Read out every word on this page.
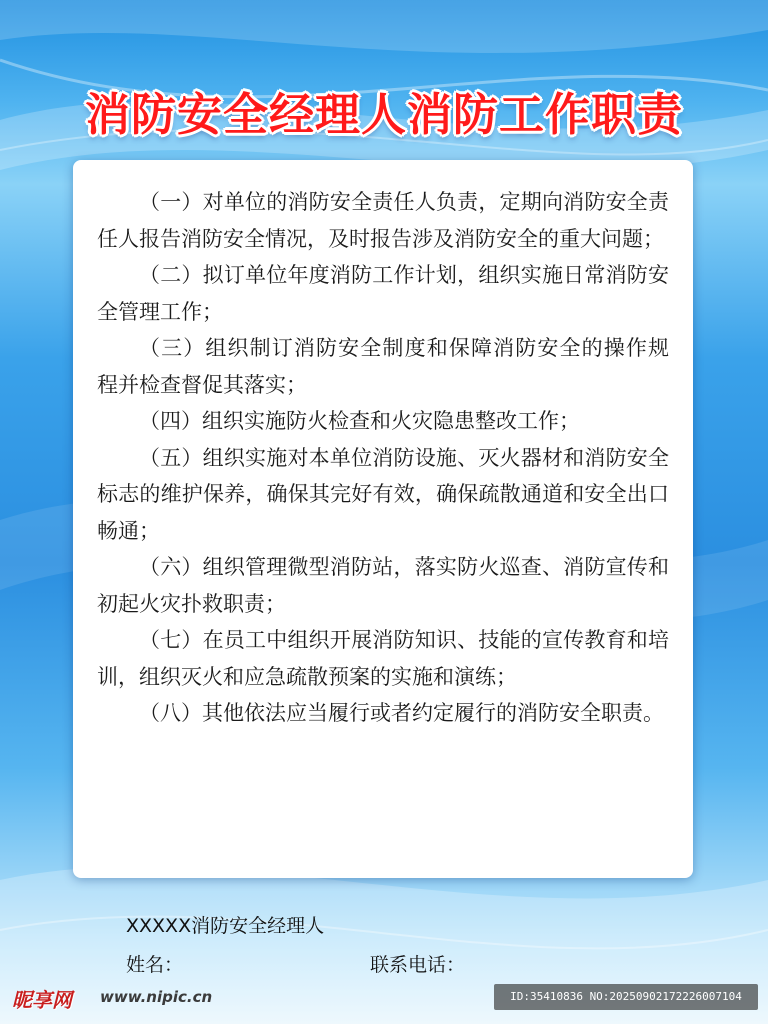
消防安全经理人消防工作职责

（一）对单位的消防安全责任人负责，定期向消防安全责任人报告消防安全情况，及时报告涉及消防安全的重大问题；

（二）拟订单位年度消防工作计划，组织实施日常消防安全管理工作；

（三）组织制订消防安全制度和保障消防安全的操作规 程并检查督促其落实；

（四）组织实施防火检查和火灾隐患整改工作；

（五）组织实施对本单位消防设施、灭火器材和消防安全标志的维护保养，确保其完好有效，确保疏散通道和安全出口畅通；

（六）组织管理微型消防站，落实防火巡查、消防宣传和初起火灾扑救职责；

（七）在员工中组织开展消防知识、技能的宣传教育和培训，组织灭火和应急疏散预案的实施和演练；

（八）其他依法应当履行或者约定履行的消防安全职责。

XXXXX消防安全经理人
姓名：	联系电话：
昵享网 www.nipic.cn	ID:35410836 NO:20250902172226007104
